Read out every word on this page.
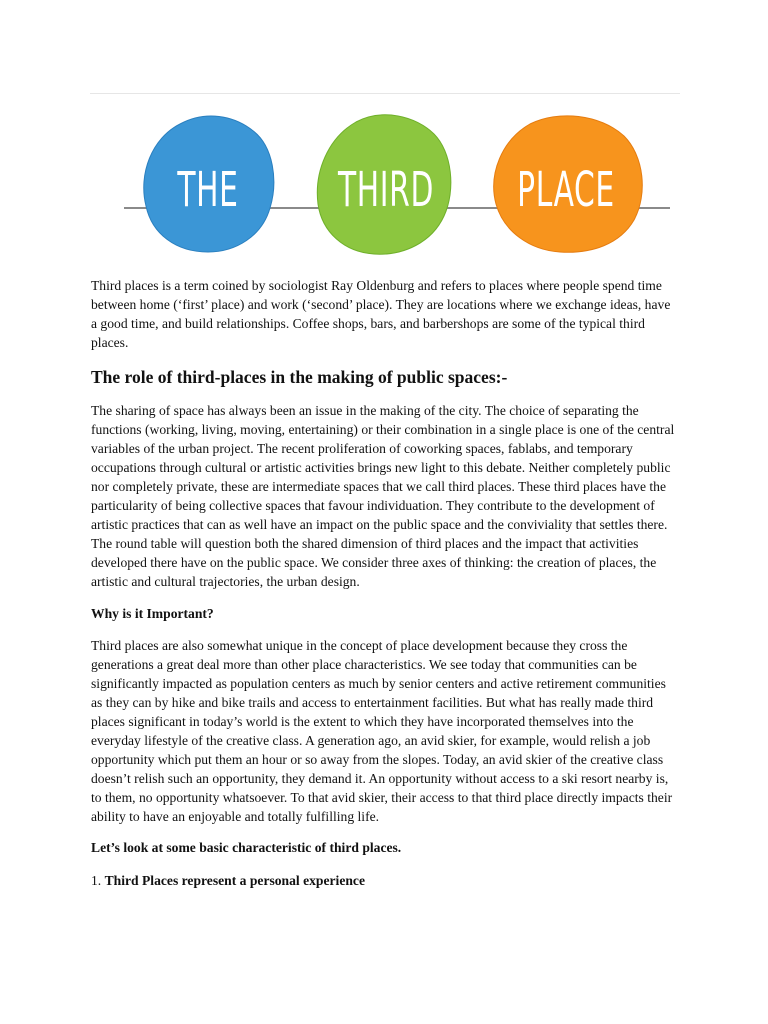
THE THIRD PLACE

Third places is a term coined by sociologist Ray Oldenburg and refers to places where people spend time between home (‘first’ place) and work (‘second’ place). They are locations where we exchange ideas, have a good time, and build relationships. Coffee shops, bars, and barbershops are some of the typical third places.

The role of third-places in the making of public spaces:-

The sharing of space has always been an issue in the making of the city. The choice of separating the functions (working, living, moving, entertaining) or their combination in a single place is one of the central variables of the urban project. The recent proliferation of coworking spaces, fablabs, and temporary occupations through cultural or artistic activities brings new light to this debate. Neither completely public nor completely private, these are intermediate spaces that we call third places. These third places have the particularity of being collective spaces that favour individuation. They contribute to the development of artistic practices that can as well have an impact on the public space and the conviviality that settles there. The round table will question both the shared dimension of third places and the impact that activities developed there have on the public space. We consider three axes of thinking: the creation of places, the artistic and cultural trajectories, the urban design.

Why is it Important?

Third places are also somewhat unique in the concept of place development because they cross the generations a great deal more than other place characteristics. We see today that communities can be significantly impacted as population centers as much by senior centers and active retirement communities as they can by hike and bike trails and access to entertainment facilities. But what has really made third places significant in today’s world is the extent to which they have incorporated themselves into the everyday lifestyle of the creative class. A generation ago, an avid skier, for example, would relish a job opportunity which put them an hour or so away from the slopes. Today, an avid skier of the creative class doesn’t relish such an opportunity, they demand it. An opportunity without access to a ski resort nearby is, to them, no opportunity whatsoever. To that avid skier, their access to that third place directly impacts their ability to have an enjoyable and totally fulfilling life.

Let’s look at some basic characteristic of third places.
1. Third Places represent a personal experience
